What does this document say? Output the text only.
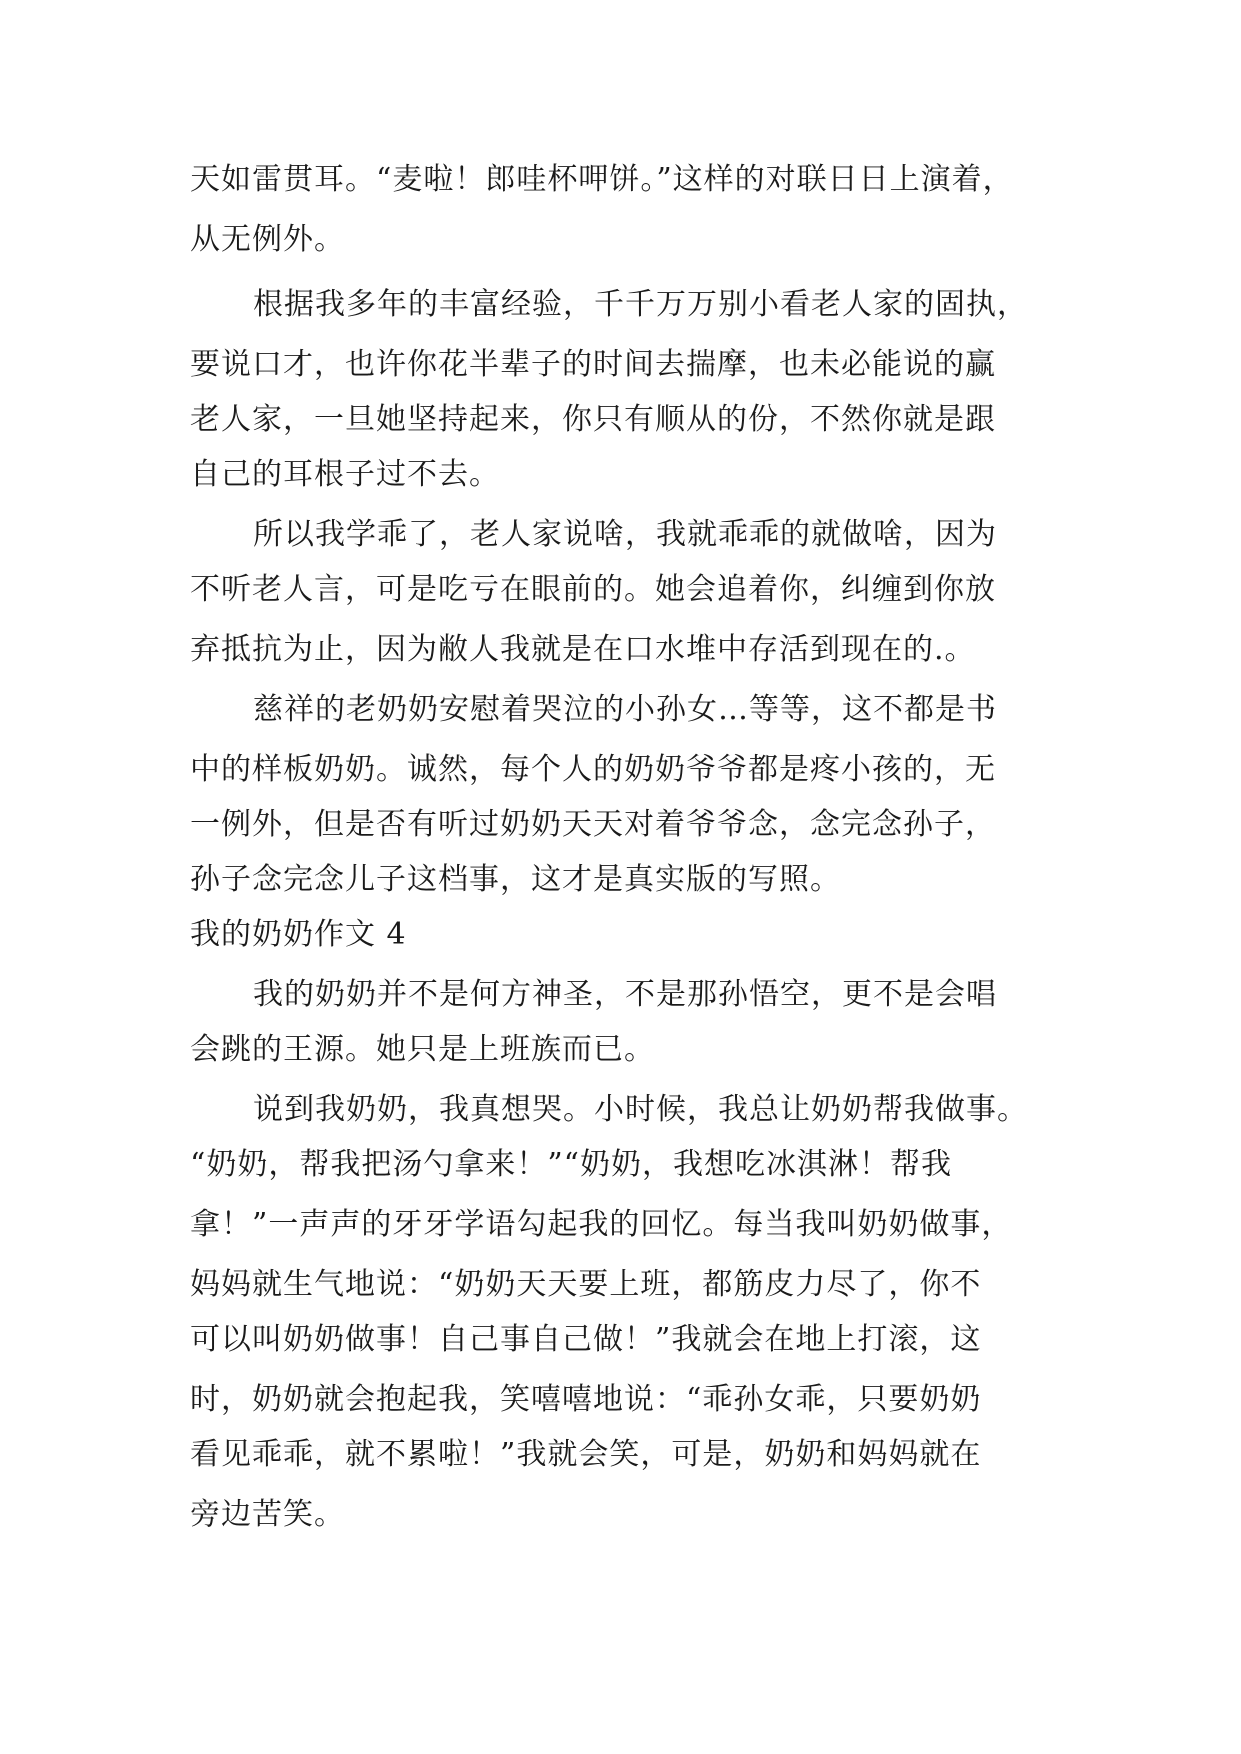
天如雷贯耳。“麦啦！郎哇杯呷饼。”这样的对联日日上演着，
从无例外。
根据我多年的丰富经验，千千万万别小看老人家的固执，
要说口才，也许你花半辈子的时间去揣摩，也未必能说的赢
老人家，一旦她坚持起来，你只有顺从的份，不然你就是跟
自己的耳根子过不去。
所以我学乖了，老人家说啥，我就乖乖的就做啥，因为
不听老人言，可是吃亏在眼前的。她会追着你，纠缠到你放
弃抵抗为止，因为敝人我就是在口水堆中存活到现在的.。
慈祥的老奶奶安慰着哭泣的小孙女…等等，这不都是书
中的样板奶奶。诚然，每个人的奶奶爷爷都是疼小孩的，无
一例外，但是否有听过奶奶天天对着爷爷念，念完念孙子，
孙子念完念儿子这档事，这才是真实版的写照。
我的奶奶作文 4
我的奶奶并不是何方神圣，不是那孙悟空，更不是会唱
会跳的王源。她只是上班族而已。
说到我奶奶，我真想哭。小时候，我总让奶奶帮我做事。
“奶奶，帮我把汤勺拿来！”“奶奶，我想吃冰淇淋！帮我
拿！”一声声的牙牙学语勾起我的回忆。每当我叫奶奶做事，
妈妈就生气地说：“奶奶天天要上班，都筋皮力尽了，你不
可以叫奶奶做事！自己事自己做！”我就会在地上打滚，这
时，奶奶就会抱起我，笑嘻嘻地说：“乖孙女乖，只要奶奶
看见乖乖，就不累啦！”我就会笑，可是，奶奶和妈妈就在
旁边苦笑。
